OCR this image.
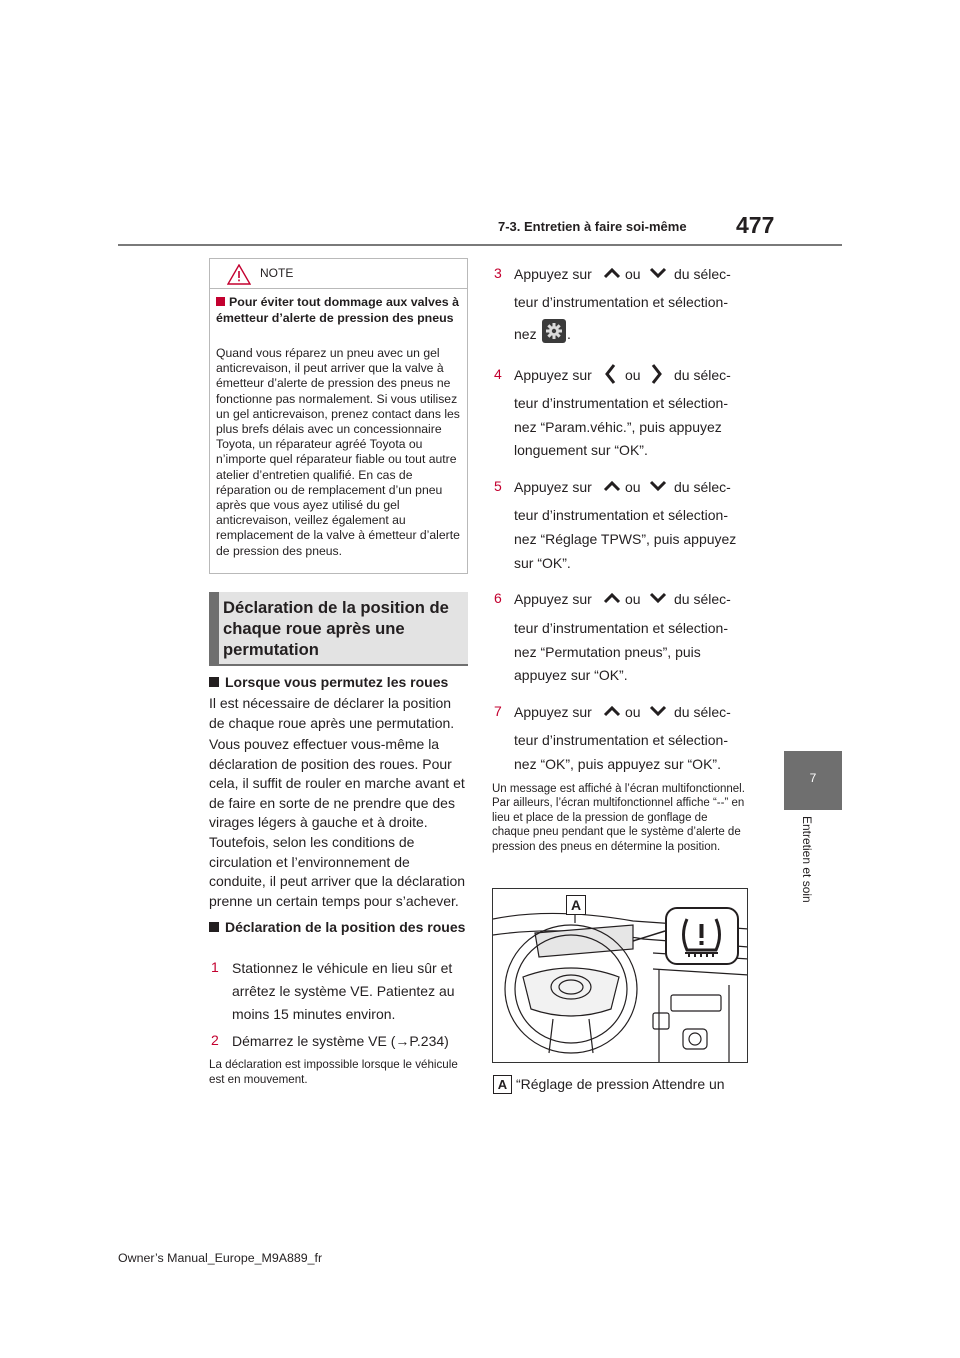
7-3. Entretien à faire soi-même 477
7
Entretien et soin
NOTE
Pour éviter tout dommage aux valves à émetteur d’alerte de pression des pneus
Quand vous réparez un pneu avec un gel anticrevaison, il peut arriver que la valve à émetteur d’alerte de pression des pneus ne fonctionne pas normalement. Si vous utilisez un gel anticrevaison, prenez contact dans les plus brefs délais avec un concessionnaire Toyota, un réparateur agréé Toyota ou n’importe quel réparateur fiable ou tout autre atelier d’entretien qualifié. En cas de réparation ou de remplacement d’un pneu après que vous ayez utilisé du gel anticrevaison, veillez également au remplacement de la valve à émetteur d’alerte de pression des pneus.
Déclaration de la position de chaque roue après une permutation
Lorsque vous permutez les roues
Il est nécessaire de déclarer la position de chaque roue après une permutation.
Vous pouvez effectuer vous-même la déclaration de position des roues. Pour cela, il suffit de rouler en marche avant et de faire en sorte de ne prendre que des virages légers à gauche et à droite. Toutefois, selon les conditions de circulation et l’environnement de conduite, il peut arriver que la déclaration prenne un certain temps pour s’achever.
Déclaration de la position des roues
1 Stationnez le véhicule en lieu sûr et
arrêtez le système VE. Patientez au
moins 15 minutes environ.
2 Démarrez le système VE (→P.234)
La déclaration est impossible lorsque le véhicule est en mouvement.
3 Appuyez sur ou du sélec-
teur d’instrumentation et sélection-
nez .
4 Appuyez sur ou du sélec-
teur d’instrumentation et sélection-
nez “Param.véhic.”, puis appuyez
longuement sur “OK”.
5 Appuyez sur ou du sélec-
teur d’instrumentation et sélection-
nez “Réglage TPWS”, puis appuyez
sur “OK”.
6 Appuyez sur ou du sélec-
teur d’instrumentation et sélection-
nez “Permutation pneus”, puis
appuyez sur “OK”.
7 Appuyez sur ou du sélec-
teur d’instrumentation et sélection-
nez “OK”, puis appuyez sur “OK”.
Un message est affiché à l’écran multifonctionnel. Par ailleurs, l’écran multifonctionnel affiche “--” en lieu et place de la pression de gonflage de chaque pneu pendant que le système d’alerte de pression des pneus en détermine la position.
A
A “Réglage de pression Attendre un
Owner’s Manual_Europe_M9A889_fr
